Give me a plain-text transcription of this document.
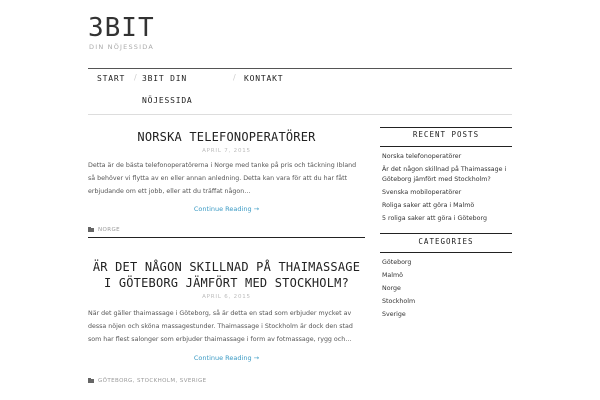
3BIT
DIN NÖJESSIDA
START / 3BIT DIN	/ KONTAKT
NÖJESSIDA
NORSKA TELEFONOPERATÖRER
APRIL 7, 2015
Detta är de bästa telefonoperatörerna i Norge med tanke på pris och täckning Ibland så behöver vi flytta av en eller annan anledning. Detta kan vara för att du har fått erbjudande om ett jobb, eller att du träffat någon…
Continue Reading →
NORGE
ÄR DET NÅGON SKILLNAD PÅ THAIMASSAGE I GÖTEBORG JÄMFÖRT MED STOCKHOLM?
APRIL 6, 2015
När det gäller thaimassage i Göteborg, så är detta en stad som erbjuder mycket av dessa nöjen och sköna massagestunder. Thaimassage i Stockholm är dock den stad som har flest salonger som erbjuder thaimassage i form av fotmassage, rygg och…
Continue Reading →
GÖTEBORG, STOCKHOLM, SVERIGE
RECENT POSTS
Norska telefonoperatörer
Är det någon skillnad på Thaimassage i Göteborg jämfört med Stockholm?
Svenska mobiloperatörer
Roliga saker att göra i Malmö
5 roliga saker att göra i Göteborg
CATEGORIES
Göteborg
Malmö
Norge
Stockholm
Sverige
